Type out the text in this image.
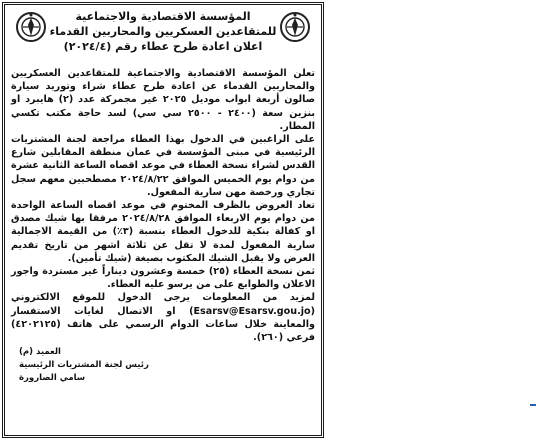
المؤسسة الاقتصادية والاجتماعية
للمتقاعدين العسكريين والمحاربين القدماء
اعلان اعادة طرح عطاء رقم (٢٠٢٤/٤)

تعلن المؤسسة الاقتصادية والاجتماعية للمتقاعدين العسكريين والمحاربين القدماء عن اعادة طرح عطاء شراء وتوريد سيارة صالون أربعة ابواب موديل ٢٠٢٥ غير مجمركة عدد (٢) هايبرد او بنزين سعة (٢٤٠٠ - ٢٥٠٠ سي سي) لسد حاجة مكتب تكسي المطار.

على الراغبين في الدخول بهذا العطاء مراجعة لجنة المشتريات الرئيسية في مبنى المؤسسة في عمان منطقة المقابلين شارع القدس لشراء نسخة العطاء في موعد اقصاه الساعة الثانية عشرة من دوام يوم الخميس الموافق ٢٠٢٤/٨/٢٢ مصطحبين معهم سجل تجاري ورخصة مهن سارية المفعول.

تعاد العروض بالظرف المختوم في موعد اقصاه الساعة الواحدة من دوام يوم الاربعاء الموافق ٢٠٢٤/٨/٢٨ مرفقا بها شيك مصدق او كفالة بنكية للدخول العطاء بنسبة (٣٪) من القيمة الاجمالية سارية المفعول لمدة لا تقل عن ثلاثة اشهر من تاريخ تقديم العرض ولا يقبل الشيك المكتوب بصيغة (شيك تأمين).

ثمن نسخة العطاء (٢٥) خمسة وعشرون ديناراً غير مستردة واجور الاعلان والطوابع على من يرسو عليه العطاء.

لمزيد من المعلومات يرجى الدخول للموقع الالكتروني (Esarsv@Esarsv.gou.jo) او الاتصال لغايات الاستفسار والمعاينة خلال ساعات الدوام الرسمي على هاتف (٤٢٠٢١٢٥) فرعي (٢٦٠).

العميد (م)
رئيس لجنة المشتريات الرئيسية
سامي الصارورة
